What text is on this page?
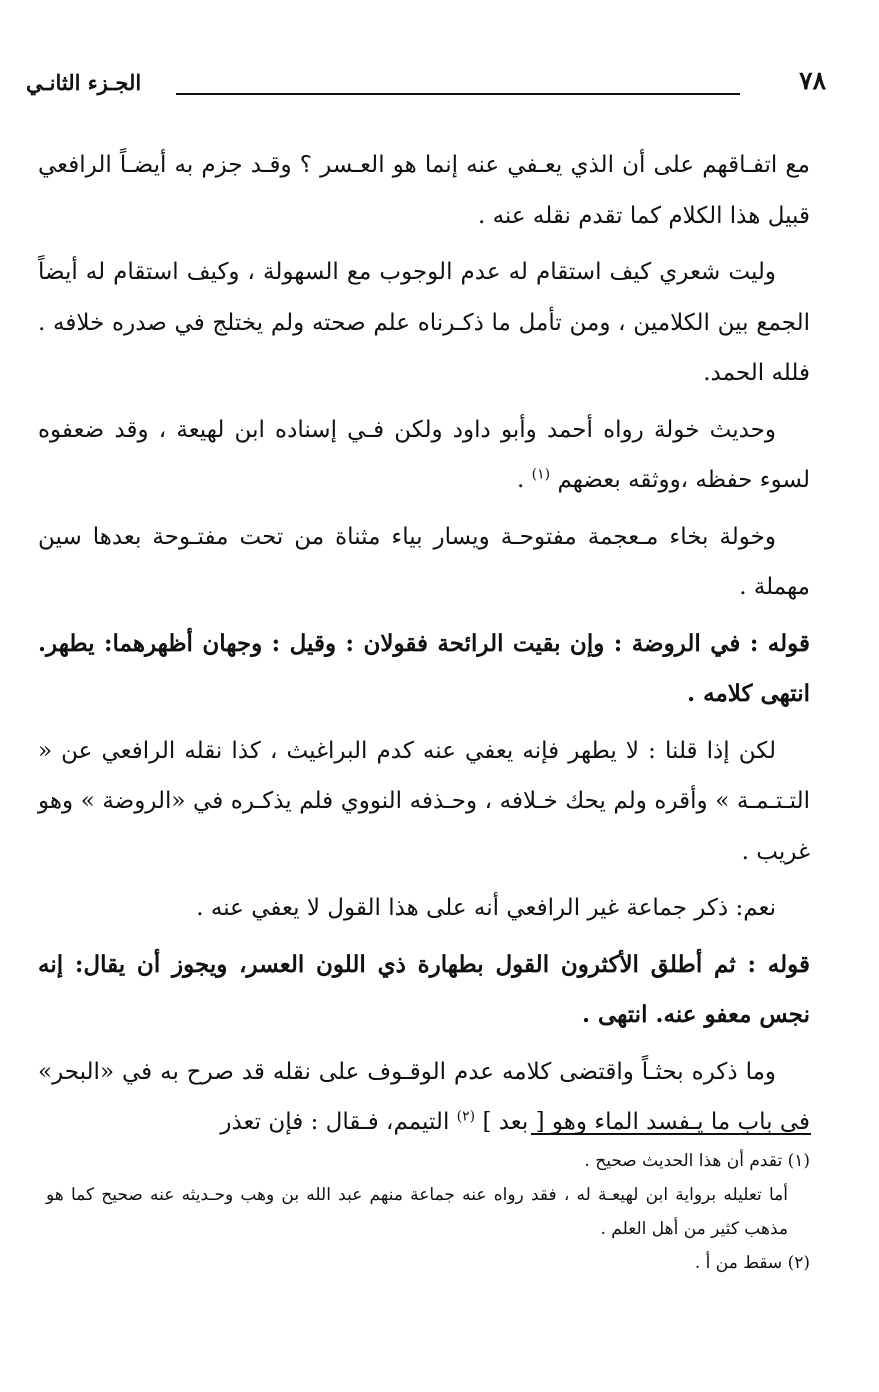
٧٨
الجـزء الثانـي

مع اتفـاقهم على أن الذي يعـفي عنه إنما هو العـسر ؟ وقـد جزم به أيضـاً الرافعي قبيل هذا الكلام كما تقدم نقله عنه .

وليت شعري كيف استقام له عدم الوجوب مع السهولة ، وكيف استقام له أيضاً الجمع بين الكلامين ، ومن تأمل ما ذكـرناه علم صحته ولم يختلج في صدره خلافه . فلله الحمد.

وحديث خولة رواه أحمد وأبو داود ولكن فـي إسناده ابن لهيعة ، وقد ضعفوه لسوء حفظه ،ووثقه بعضهم $^{(١)}$ .

وخولة بخاء مـعجمة مفتوحـة ويسار بياء مثناة من تحت مفتـوحة بعدها سين مهملة .

قوله : في الروضة : وإن بقيت الرائحة فقولان : وقيل : وجهان أظهرهما: يطهر. انتهى كلامه .

لكن إذا قلنا : لا يطهر فإنه يعفي عنه كدم البراغيث ، كذا نقله الرافعي عن « التـتـمـة » وأقره ولم يحك خـلافه ، وحـذفه النووي فلم يذكـره في «الروضة » وهو غريب .

نعم: ذكر جماعة غير الرافعي أنه على هذا القول لا يعفي عنه .

قوله : ثم أطلق الأكثرون القول بطهارة ذي اللون العسر، ويجوز أن يقال: إنه نجس معفو عنه. انتهى .

وما ذكره بحثـاً واقتضى كلامه عدم الوقـوف على نقله قد صرح به في «البحر» في باب ما يـفسد الماء وهو [ بعد ] $^{(٢)}$ التيمم، فـقال : فإن تعذر

(١) تقدم أن هذا الحديث صحيح .

أما تعليله برواية ابن لهيعـة له ، فقد رواه عنه جماعة منهم عبد الله بن وهب وحـديثه عنه صحيح كما هو مذهب كثير من أهل العلم .

(٢) سقط من أ .
